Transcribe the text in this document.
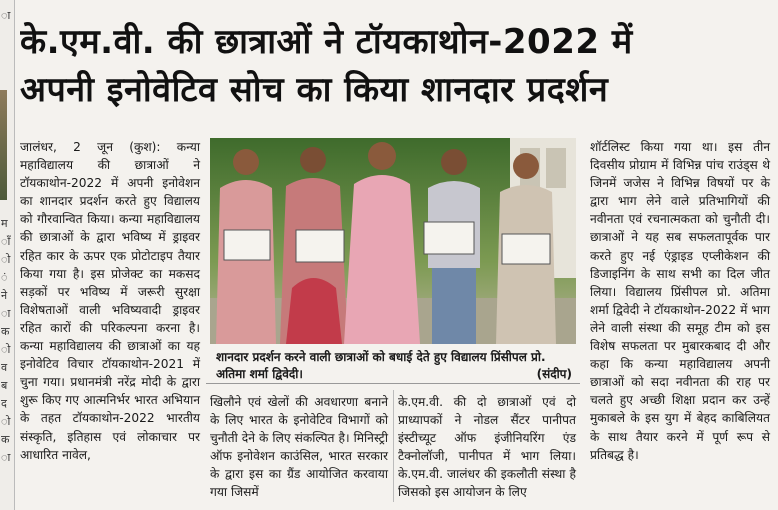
ा
म
ाँ
ो
ं
ने
ा
क
ो
व
ब
द
ो
क
ा
के.एम.वी. की छात्राओं ने टॉयकाथोन-2022 में
अपनी इनोवेटिव सोच का किया शानदार प्रदर्शन

जालंधर, 2 जून (कुश): कन्या महाविद्यालय की छात्राओं ने टॉयकाथोन-2022 में अपनी इनोवेशन का शानदार प्रदर्शन करते हुए विद्यालय को गौरवान्वित किया। कन्या महाविद्यालय की छात्राओं के द्वारा भविष्य में ड्राइवर रहित कार के ऊपर एक प्रोटोटाइप तैयार किया गया है। इस प्रोजेक्ट का मकसद सड़कों पर भविष्य में जरूरी सुरक्षा विशेषताओं वाली भविष्यवादी ड्राइवर रहित कारों की परिकल्पना करना है। कन्या महाविद्यालय की छात्राओं का यह इनोवेटिव विचार टॉयकाथोन-2021 में चुना गया। प्रधानमंत्री नरेंद्र मोदी के द्वारा शुरू किए गए आत्मनिर्भर भारत अभियान के तहत टॉयकाथोन-2022 भारतीय संस्कृति, इतिहास एवं लोकाचार पर आधारित नावेल,

शानदार प्रदर्शन करने वाली छात्राओं को बधाई देते हुए विद्यालय प्रिंसीपल प्रो. अतिमा शर्मा द्विवेदी।	(संदीप)

खिलौने एवं खेलों की अवधारणा बनाने के लिए भारत के इनोवेटिव विभागों को चुनौती देने के लिए संकल्पित है। मिनिस्ट्री ऑफ इनोवेशन काउंसिल, भारत सरकार के द्वारा इस का ग्रैंड आयोजित करवाया गया जिसमें

के.एम.वी. की दो छात्राओं एवं दो प्राध्यापकों ने नोडल सैंटर पानीपत इंस्टीच्यूट ऑफ इंजीनियरिंग एंड टैक्नोलॉजी, पानीपत में भाग लिया। के.एम.वी. जालंधर की इकलौती संस्था है जिसको इस आयोजन के लिए

शॉर्टलिस्ट किया गया था। इस तीन दिवसीय प्रोग्राम में विभिन्न पांच राउंड्स थे जिनमें जजेस ने विभिन्न विषयों पर के द्वारा भाग लेने वाले प्रतिभागियों की नवीनता एवं रचनात्मकता को चुनौती दी। छात्राओं ने यह सब सफलतापूर्वक पार करते हुए नई एंड्राइड एप्लीकेशन की डिजाइनिंग के साथ सभी का दिल जीत लिया। विद्यालय प्रिंसीपल प्रो. अतिमा शर्मा द्विवेदी ने टॉयकाथोन-2022 में भाग लेने वाली संस्था की समूह टीम को इस विशेष सफलता पर मुबारकबाद दी और कहा कि कन्या महाविद्यालय अपनी छात्राओं को सदा नवीनता की राह पर चलते हुए अच्छी शिक्षा प्रदान कर उन्हें मुकाबले के इस युग में बेहद काबिलियत के साथ तैयार करने में पूर्ण रूप से प्रतिबद्ध है।
